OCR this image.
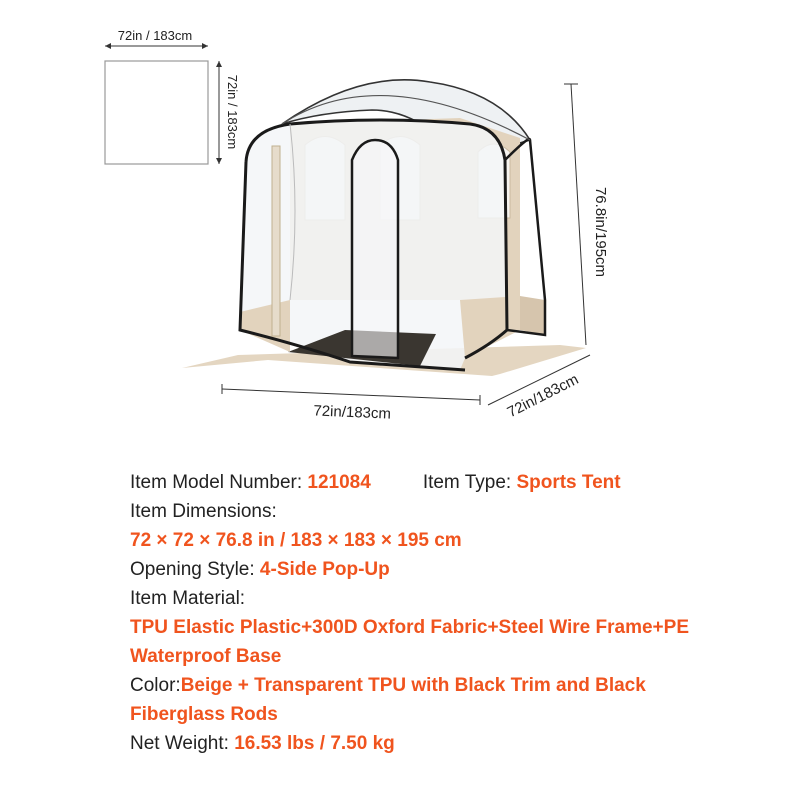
72in / 183cm
72in / 183cm
76.8in/195cm
72in/183cm	72in/183cm
Item Model Number: 121084	Item Type: Sports Tent
Item Dimensions:
72 × 72 × 76.8 in / 183 × 183 × 195 cm
Opening Style: 4-Side Pop-Up
Item Material:
TPU Elastic Plastic+300D Oxford Fabric+Steel Wire Frame+PE
Waterproof Base
Color:Beige + Transparent TPU with Black Trim and Black
Fiberglass Rods
Net Weight: 16.53 lbs / 7.50 kg
